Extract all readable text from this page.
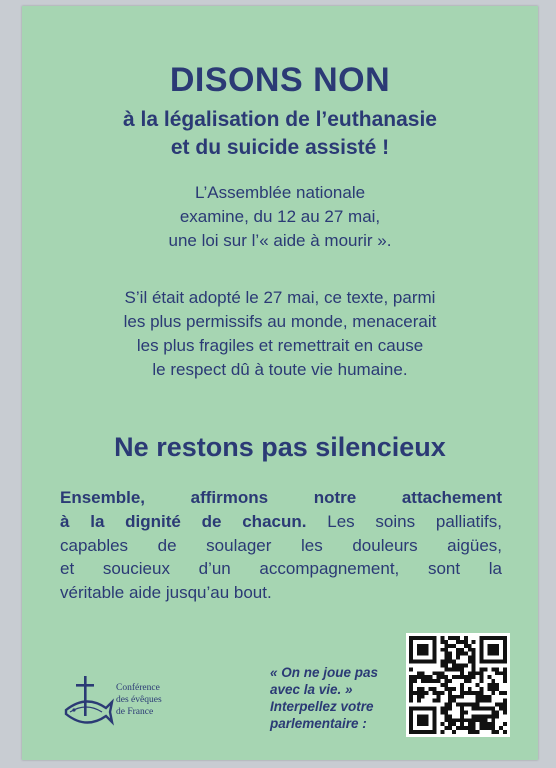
DISONS NON

à la légalisation de l’euthanasie

et du suicide assisté !

L’Assemblée nationale
examine, du 12 au 27 mai,
une loi sur l’« aide à mourir ».
S’il était adopté le 27 mai, ce texte, parmi
les plus permissifs au monde, menacerait
les plus fragiles et remettrait en cause
le respect dû à toute vie humaine.

Ne restons pas silencieux

Ensemble, affirmons notre attachement
à la dignité de chacun. Les soins palliatifs,
capables de soulager les douleurs aigües,
et soucieux d’un accompagnement, sont la
véritable aide jusqu’au bout.
Conférence
des évêques
de France
« On ne joue pas
avec la vie. »
Interpellez votre
parlementaire :
